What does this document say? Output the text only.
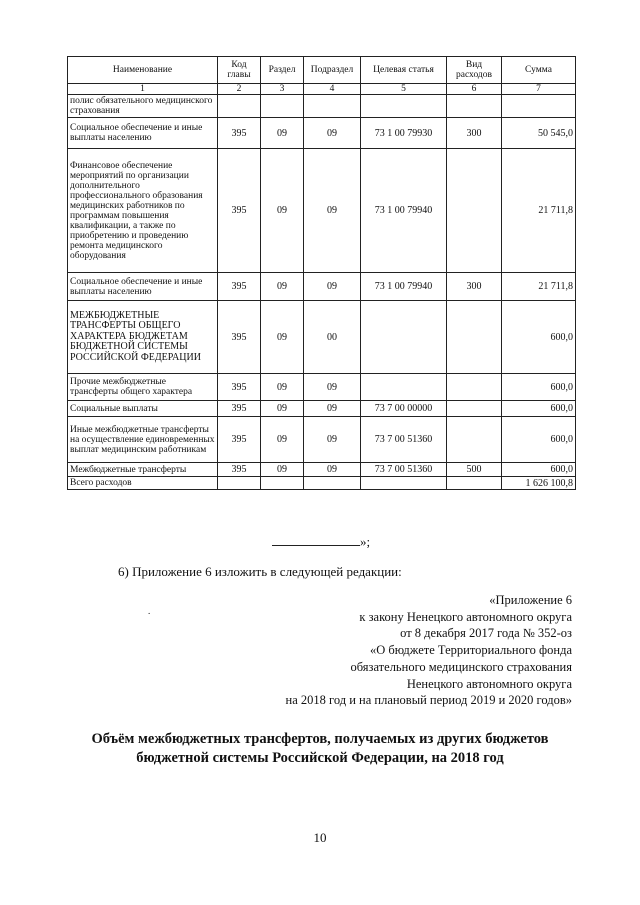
Наименование	Код главы	Раздел	Подраздел	Целевая статья	Вид расходов	Сумма
1	2	3	4	5	6	7
полис обязательного медицинского страхования						
Социальное обеспечение и иные выплаты населению	395	09	09	73 1 00 79930	300	50 545,0
Финансовое обеспечение мероприятий по организации дополнительного профессионального образования медицинских работников по программам повышения квалификации, а также по приобретению и проведению ремонта медицинского оборудования	395	09	09	73 1 00 79940		21 711,8
Социальное обеспечение и иные выплаты населению	395	09	09	73 1 00 79940	300	21 711,8
МЕЖБЮДЖЕТНЫЕ ТРАНСФЕРТЫ ОБЩЕГО ХАРАКТЕРА БЮДЖЕТАМ БЮДЖЕТНОЙ СИСТЕМЫ РОССИЙСКОЙ ФЕДЕРАЦИИ	395	09	00			600,0
Прочие межбюджетные трансферты общего характера	395	09	09			600,0
Социальные выплаты	395	09	09	73 7 00 00000		600,0
Иные межбюджетные трансферты на осуществление единовременных выплат медицинским работникам	395	09	09	73 7 00 51360		600,0
Межбюджетные трансферты	395	09	09	73 7 00 51360	500	600,0
Всего расходов						1 626 100,8
»;
6) Приложение 6 изложить в следующей редакции:
.
«Приложение 6
к закону Ненецкого автономного округа
от 8 декабря 2017 года № 352-оз
«О бюджете Территориального фонда
обязательного медицинского страхования
Ненецкого автономного округа
на 2018 год и на плановый период 2019 и 2020 годов»
Объём межбюджетных трансфертов, получаемых из других бюджетов
бюджетной системы Российской Федерации, на 2018 год
10
